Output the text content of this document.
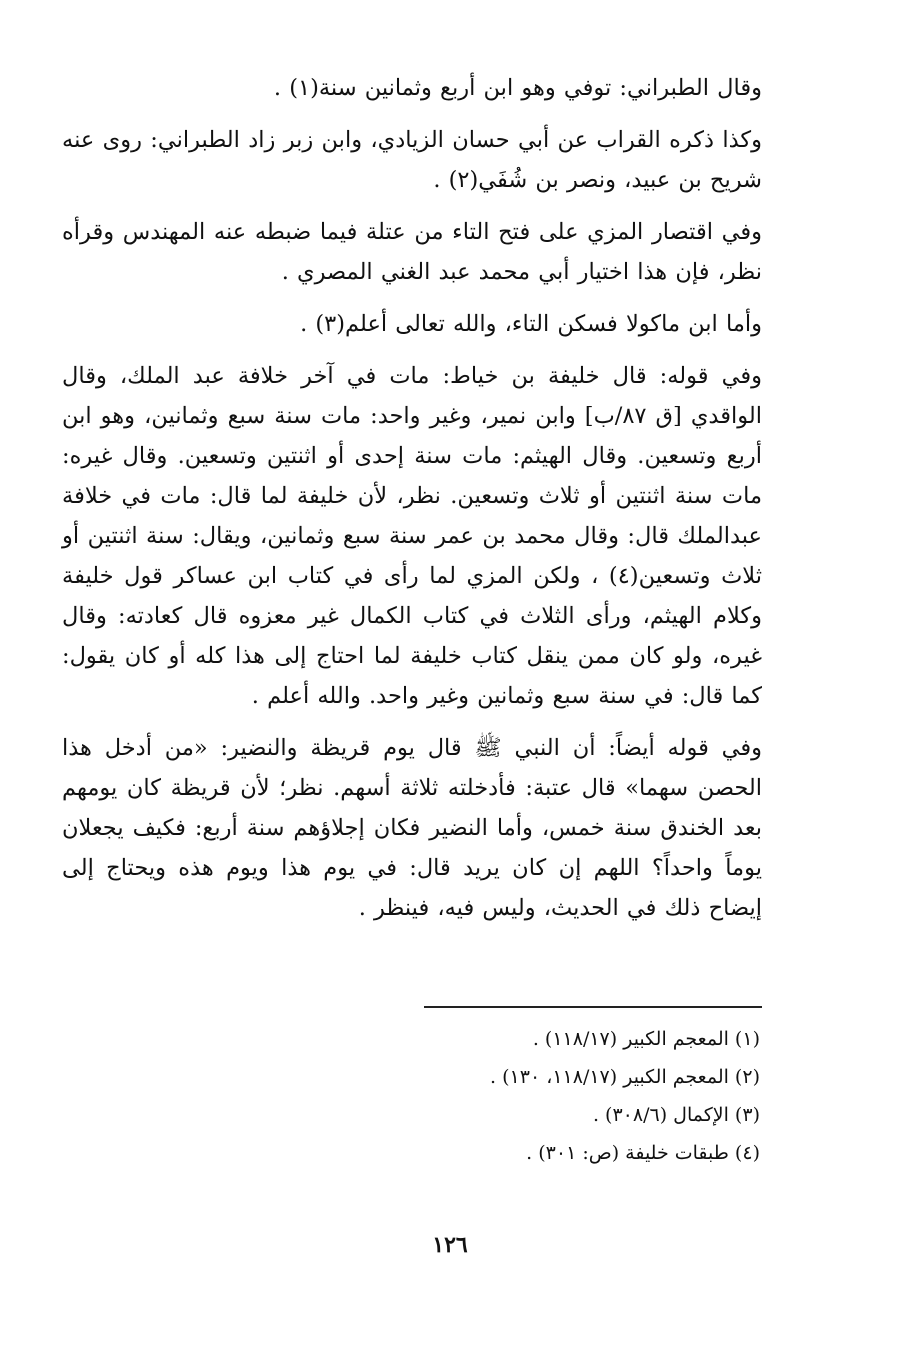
وقال الطبراني: توفي وهو ابن أربع وثمانين سنة(١) .

وكذا ذكره القراب عن أبي حسان الزيادي، وابن زبر زاد الطبراني: روى عنه شريح بن عبيد، ونصر بن شُفَي(٢) .

وفي اقتصار المزي على فتح التاء من عتلة فيما ضبطه عنه المهندس وقرأه نظر، فإن هذا اختيار أبي محمد عبد الغني المصري .

وأما ابن ماكولا فسكن التاء، والله تعالى أعلم(٣) .

وفي قوله: قال خليفة بن خياط: مات في آخر خلافة عبد الملك، وقال الواقدي [ق ٨٧/ب] وابن نمير، وغير واحد: مات سنة سبع وثمانين، وهو ابن أربع وتسعين. وقال الهيثم: مات سنة إحدى أو اثنتين وتسعين. وقال غيره: مات سنة اثنتين أو ثلاث وتسعين. نظر، لأن خليفة لما قال: مات في خلافة عبدالملك قال: وقال محمد بن عمر سنة سبع وثمانين، ويقال: سنة اثنتين أو ثلاث وتسعين(٤) ، ولكن المزي لما رأى في كتاب ابن عساكر قول خليفة وكلام الهيثم، ورأى الثلاث في كتاب الكمال غير معزوه قال كعادته: وقال غيره، ولو كان ممن ينقل كتاب خليفة لما احتاج إلى هذا كله أو كان يقول: كما قال: في سنة سبع وثمانين وغير واحد. والله أعلم .

وفي قوله أيضاً: أن النبي ﷺ قال يوم قريظة والنضير: «من أدخل هذا الحصن سهما» قال عتبة: فأدخلته ثلاثة أسهم. نظر؛ لأن قريظة كان يومهم بعد الخندق سنة خمس، وأما النضير فكان إجلاؤهم سنة أربع: فكيف يجعلان يوماً واحداً؟ اللهم إن كان يريد قال: في يوم هذا ويوم هذه ويحتاج إلى إيضاح ذلك في الحديث، وليس فيه، فينظر .

(١) المعجم الكبير (١١٨/١٧) .
(٢) المعجم الكبير (١١٨/١٧، ١٣٠) .
(٣) الإكمال (٣٠٨/٦) .
(٤) طبقات خليفة (ص: ٣٠١) .
١٢٦
